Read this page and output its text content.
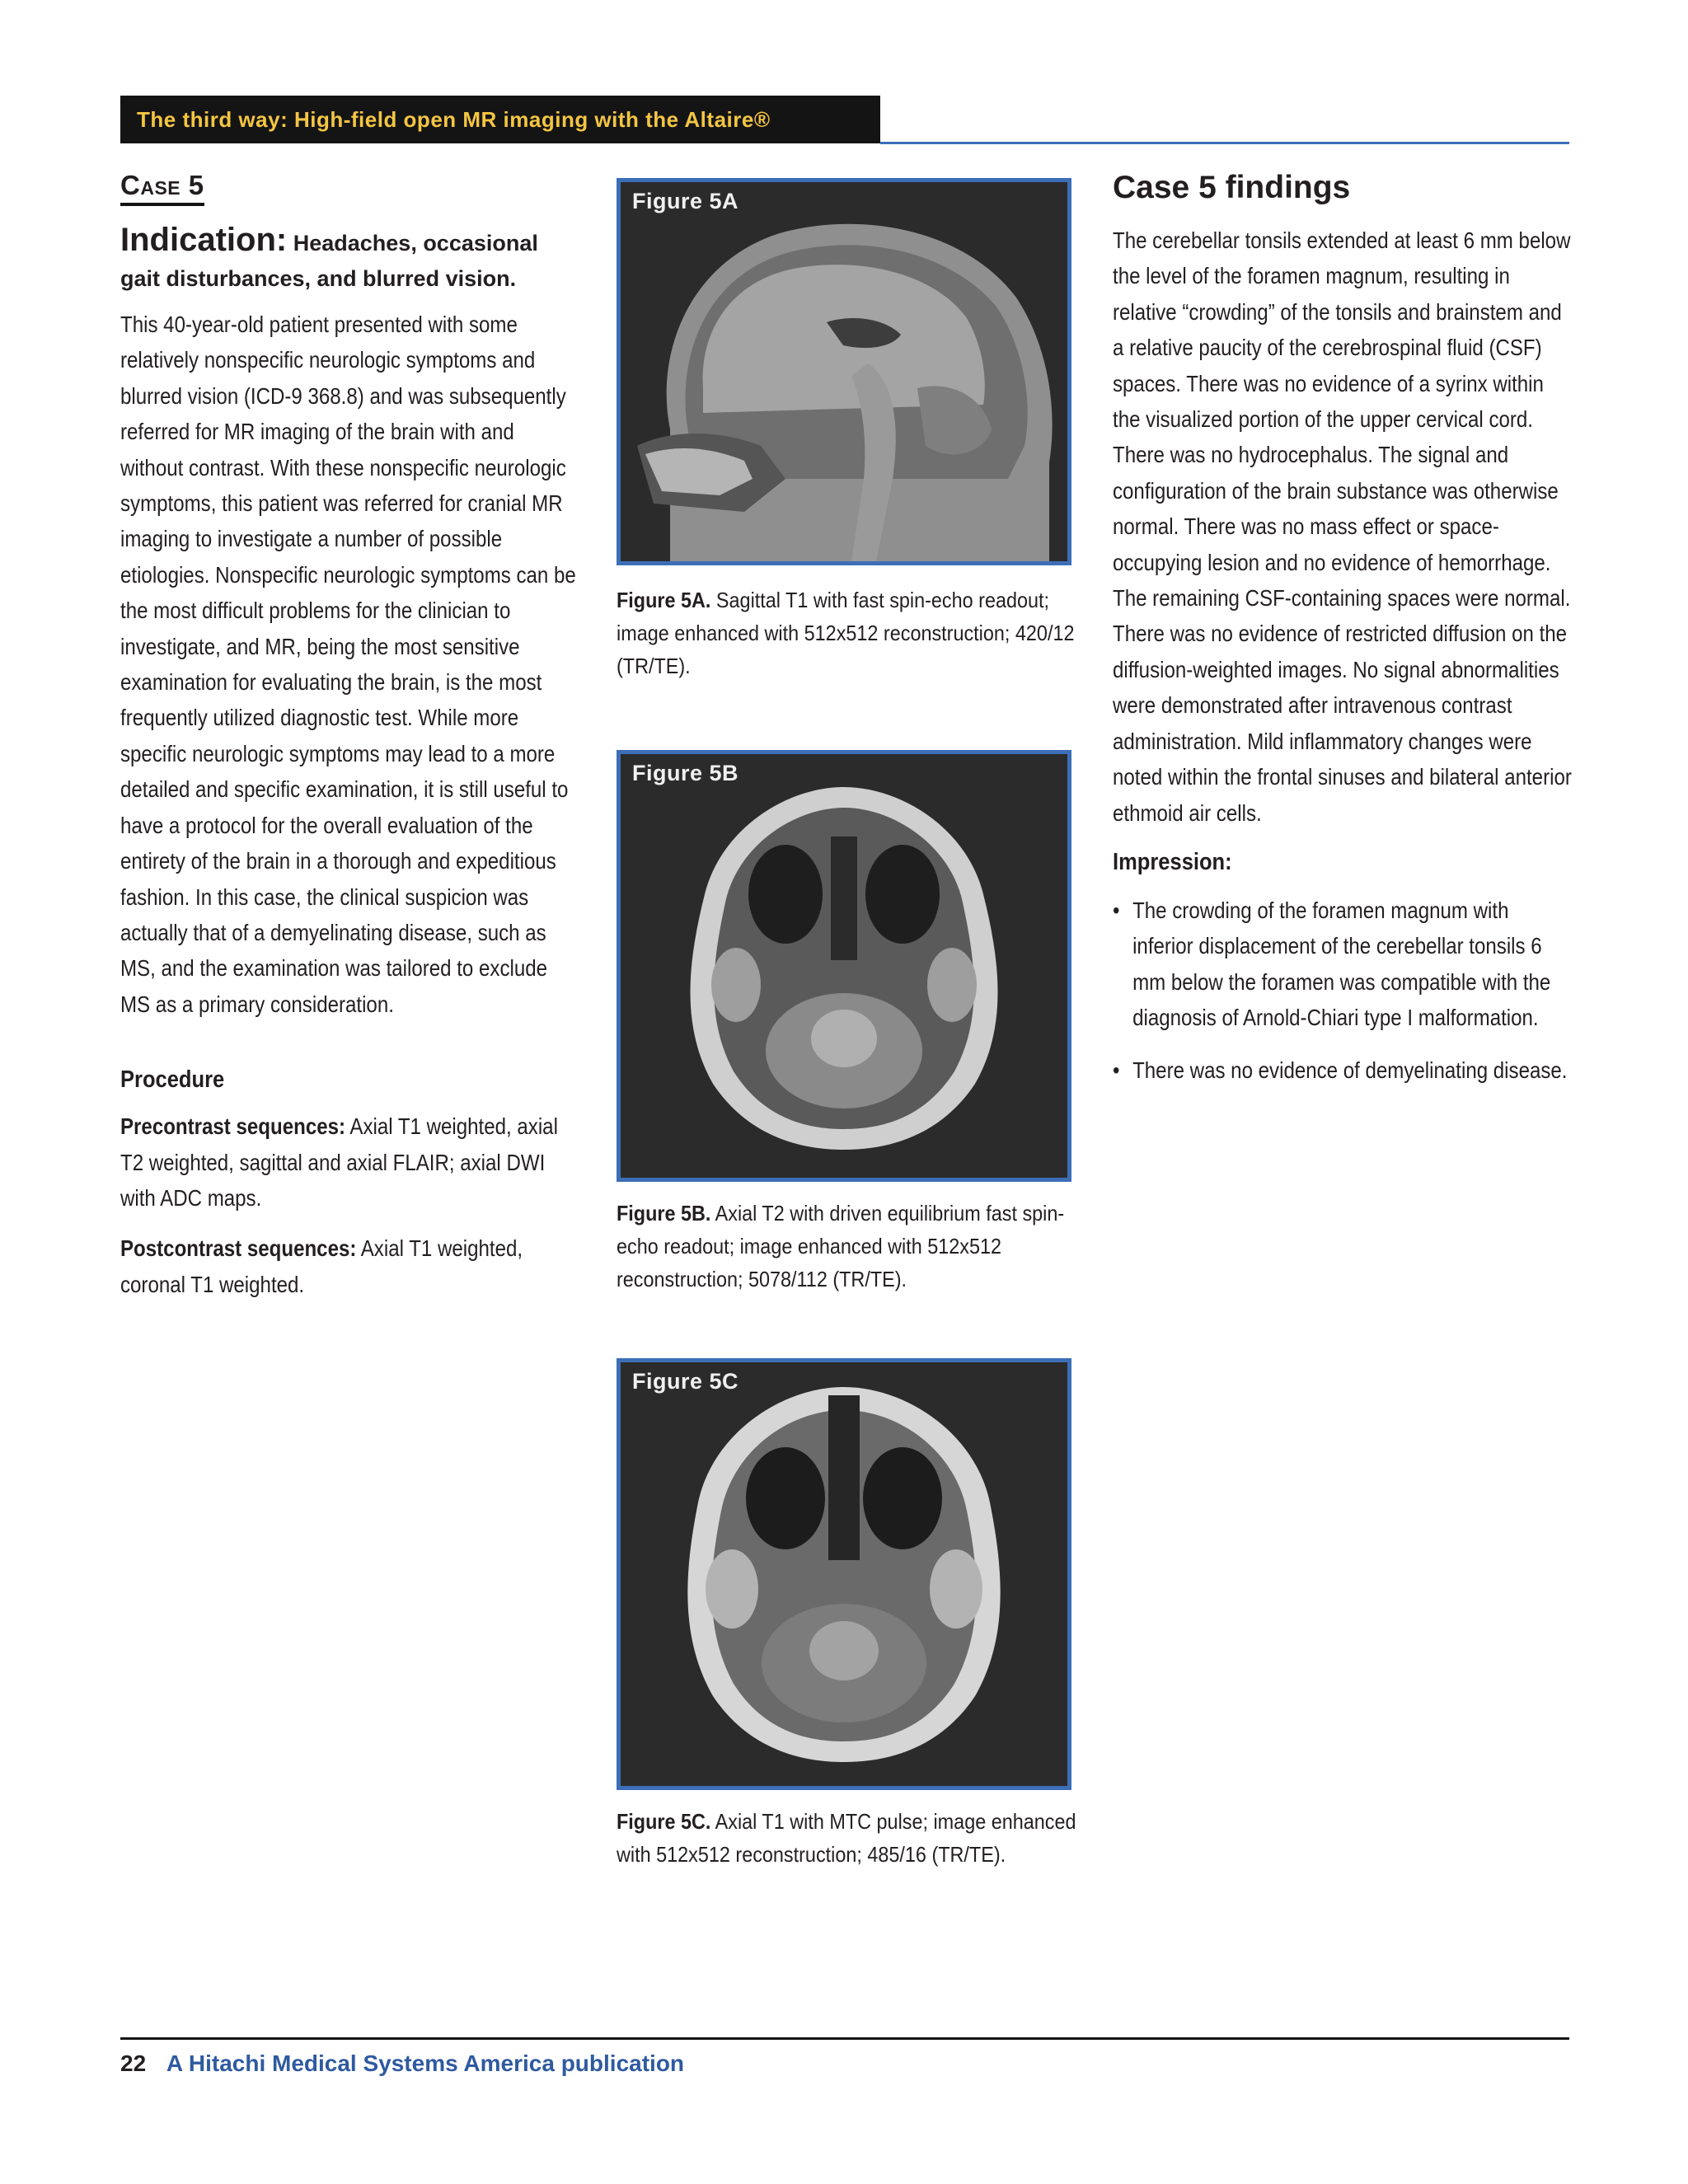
The third way: High-field open MR imaging with the Altaire®
Case 5
Indication: Headaches, occasional gait disturbances, and blurred vision.

This 40-year-old patient presented with some relatively nonspecific neurologic symptoms and blurred vision (ICD-9 368.8) and was subsequently referred for MR imaging of the brain with and without contrast. With these nonspecific neurologic symptoms, this patient was referred for cranial MR imaging to investigate a number of possible etiologies. Nonspecific neurologic symptoms can be the most difficult problems for the clinician to investigate, and MR, being the most sensitive examination for evaluating the brain, is the most frequently utilized diagnostic test. While more specific neurologic symptoms may lead to a more detailed and specific examination, it is still useful to have a protocol for the overall evaluation of the entirety of the brain in a thorough and expeditious fashion. In this case, the clinical suspicion was actually that of a demyelinating disease, such as MS, and the examination was tailored to exclude MS as a primary consideration.

Procedure

Precontrast sequences: Axial T1 weighted, axial T2 weighted, sagittal and axial FLAIR; axial DWI with ADC maps.

Postcontrast sequences: Axial T1 weighted, coronal T1 weighted.

Figure 5A
Figure 5A. Sagittal T1 with fast spin-echo readout; image enhanced with 512x512 reconstruction; 420/12 (TR/TE).
Figure 5B
Figure 5B. Axial T2 with driven equilibrium fast spin-echo readout; image enhanced with 512x512 reconstruction; 5078/112 (TR/TE).
Figure 5C
Figure 5C. Axial T1 with MTC pulse; image enhanced with 512x512 reconstruction; 485/16 (TR/TE).
Case 5 findings

The cerebellar tonsils extended at least 6 mm below the level of the foramen magnum, resulting in relative “crowding” of the tonsils and brainstem and a relative paucity of the cerebrospinal fluid (CSF) spaces. There was no evidence of a syrinx within the visualized portion of the upper cervical cord. There was no hydrocephalus. The signal and configuration of the brain substance was otherwise normal. There was no mass effect or space-occupying lesion and no evidence of hemorrhage. The remaining CSF-containing spaces were normal. There was no evidence of restricted diffusion on the diffusion-weighted images. No signal abnormalities were demonstrated after intravenous contrast administration. Mild inflammatory changes were noted within the frontal sinuses and bilateral anterior ethmoid air cells.

Impression:
• The crowding of the foramen magnum with inferior displacement of the cerebellar tonsils 6 mm below the foramen was compatible with the diagnosis of Arnold-Chiari type I malformation.
• There was no evidence of demyelinating disease.
22 A Hitachi Medical Systems America publication
